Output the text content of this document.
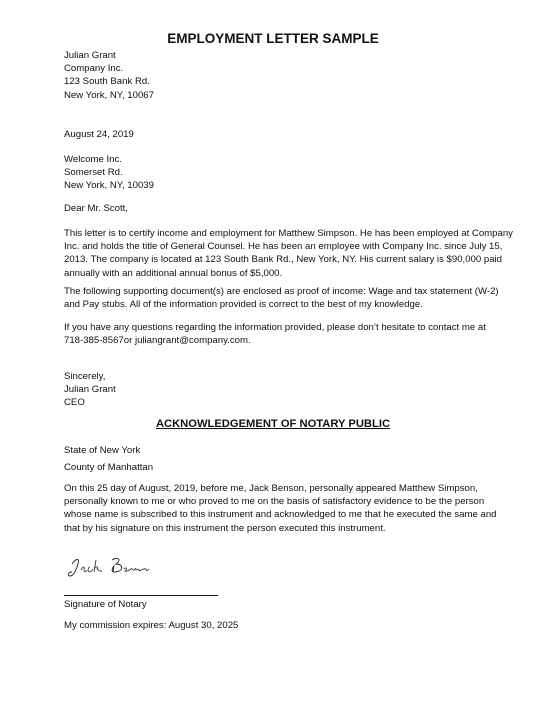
EMPLOYMENT LETTER SAMPLE
Julian Grant
Company Inc.
123 South Bank Rd.
New York, NY, 10067
August 24, 2019
Welcome Inc.
Somerset Rd.
New York, NY, 10039
Dear Mr. Scott,
This letter is to certify income and employment for Matthew Simpson. He has been employed at Company
Inc. and holds the title of General Counsel. He has been an employee with Company Inc. since July 15,
2013. The company is located at 123 South Bank Rd., New York, NY. His current salary is $90,000 paid
annually with an additional annual bonus of $5,000.
The following supporting document(s) are enclosed as proof of income: Wage and tax statement (W-2)
and Pay stubs. All of the information provided is correct to the best of my knowledge.
If you have any questions regarding the information provided, please don’t hesitate to contact me at
718-385-8567or juliangrant@company.com.
Sincerely,
Julian Grant
CEO
ACKNOWLEDGEMENT OF NOTARY PUBLIC
State of New York
County of Manhattan
On this 25 day of August, 2019, before me, Jack Benson, personally appeared Matthew Simpson,
personally known to me or who proved to me on the basis of satisfactory evidence to be the person
whose name is subscribed to this instrument and acknowledged to me that he executed the same and
that by his signature on this instrument the person executed this instrument.
Signature of Notary
My commission expires: August 30, 2025
